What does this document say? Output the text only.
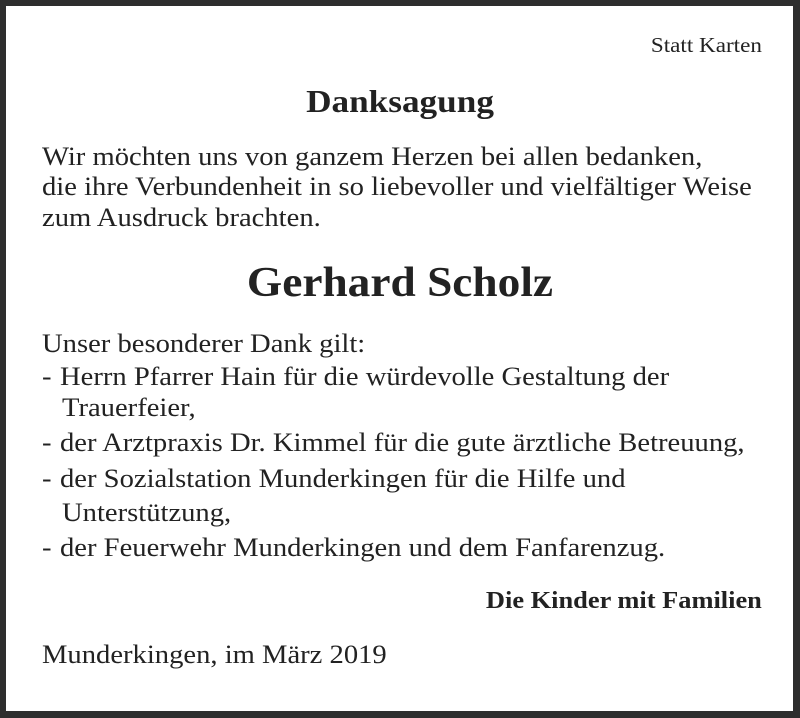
Statt Karten
Danksagung
Wir möchten uns von ganzem Herzen bei allen bedanken,
die ihre Verbundenheit in so liebevoller und vielfältiger Weise
zum Ausdruck brachten.
Gerhard Scholz
Unser besonderer Dank gilt:
- Herrn Pfarrer Hain für die würdevolle Gestaltung der
Trauerfeier,
- der Arztpraxis Dr. Kimmel für die gute ärztliche Betreuung,
- der Sozialstation Munderkingen für die Hilfe und
Unterstützung,
- der Feuerwehr Munderkingen und dem Fanfarenzug.
Die Kinder mit Familien
Munderkingen, im März 2019
